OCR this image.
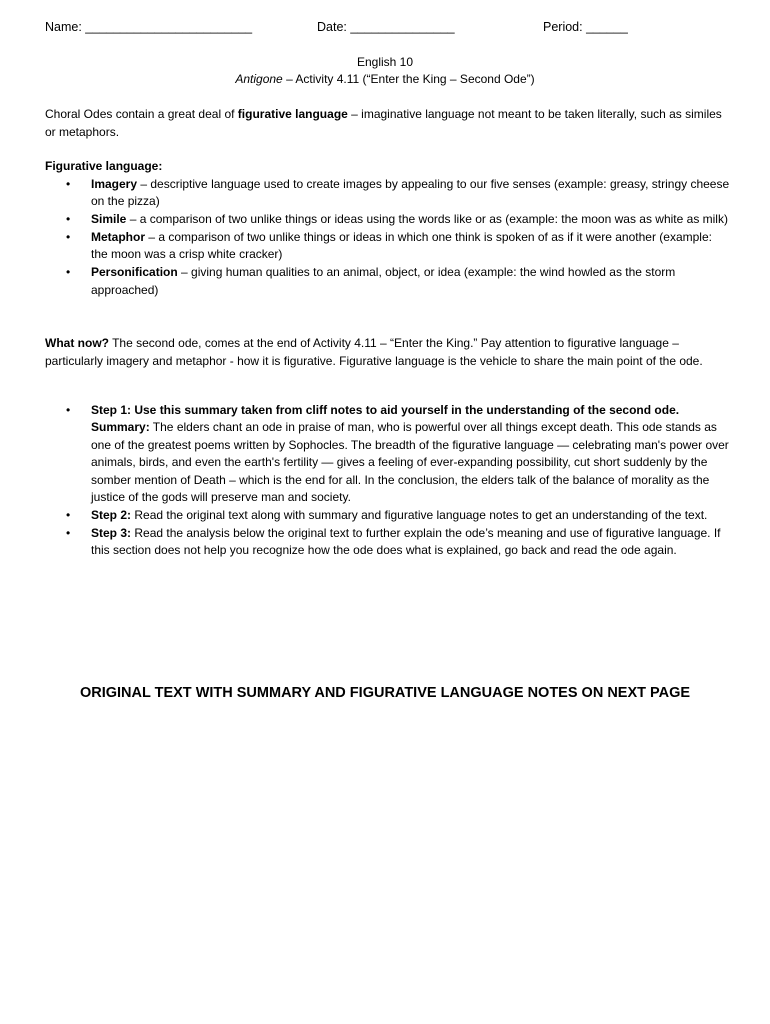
Name: ________________________	Date: _______________	Period: ______
English 10
Antigone – Activity 4.11 (“Enter the King – Second Ode”)

Choral Odes contain a great deal of figurative language – imaginative language not meant to be taken literally, such as similes or metaphors.

Figurative language:

• Imagery – descriptive language used to create images by appealing to our five senses (example: greasy, stringy cheese on the pizza)
• Simile – a comparison of two unlike things or ideas using the words like or as (example: the moon was as white as milk)
• Metaphor – a comparison of two unlike things or ideas in which one think is spoken of as if it were another (example: the moon was a crisp white cracker)
• Personification – giving human qualities to an animal, object, or idea (example: the wind howled as the storm approached)

What now? The second ode, comes at the end of Activity 4.11 – “Enter the King.” Pay attention to figurative language – particularly imagery and metaphor - how it is figurative. Figurative language is the vehicle to share the main point of the ode.

• Step 1: Use this summary taken from cliff notes to aid yourself in the understanding of the second ode.
Summary: The elders chant an ode in praise of man, who is powerful over all things except death. This ode stands as one of the greatest poems written by Sophocles. The breadth of the figurative language — celebrating man's power over animals, birds, and even the earth's fertility — gives a feeling of ever-expanding possibility, cut short suddenly by the somber mention of Death – which is the end for all. In the conclusion, the elders talk of the balance of morality as the justice of the gods will preserve man and society.
• Step 2: Read the original text along with summary and figurative language notes to get an understanding of the text.
• Step 3: Read the analysis below the original text to further explain the ode’s meaning and use of figurative language. If this section does not help you recognize how the ode does what is explained, go back and read the ode again.
ORIGINAL TEXT WITH SUMMARY AND FIGURATIVE LANGUAGE NOTES ON NEXT PAGE
